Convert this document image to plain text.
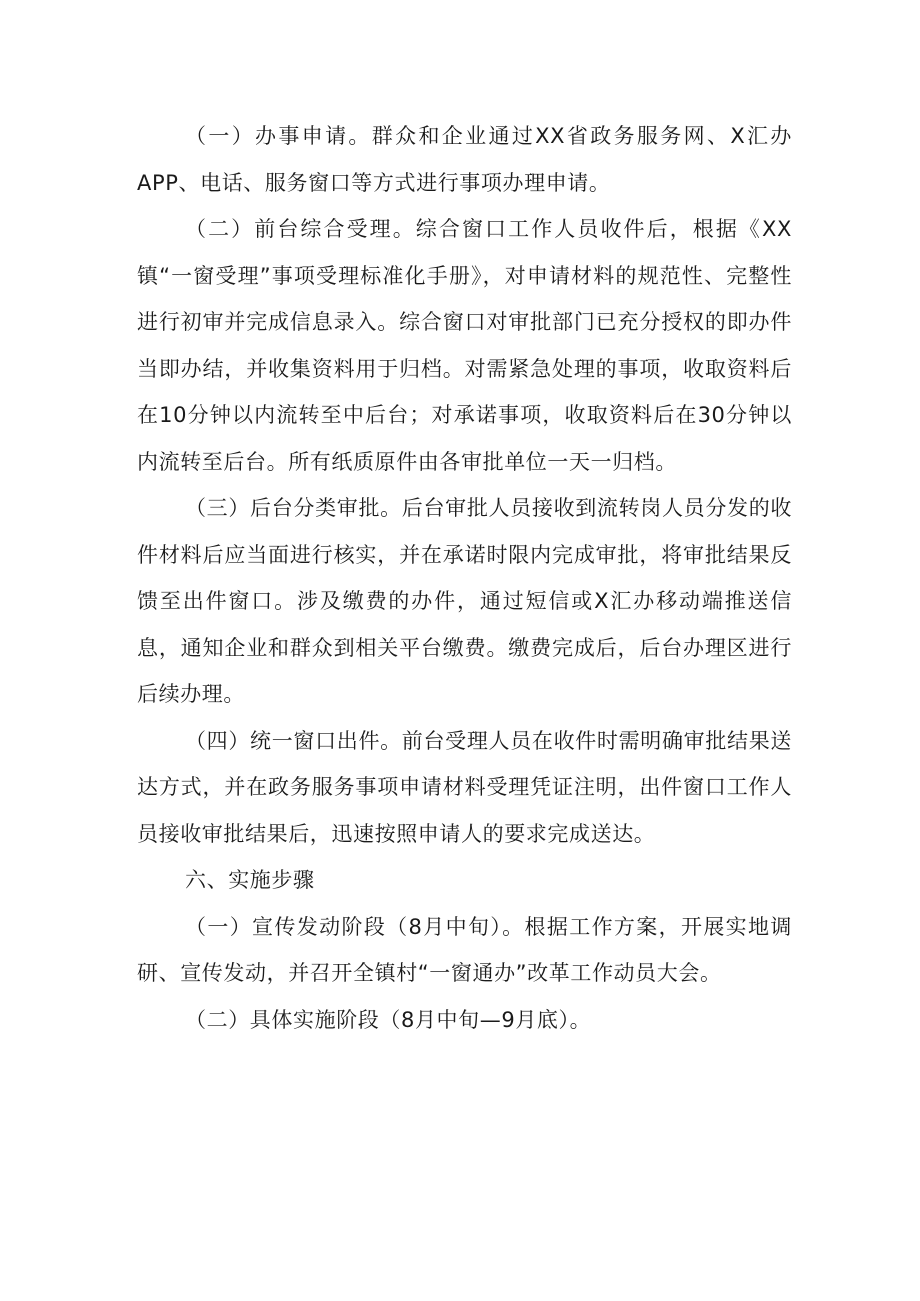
（一）办事申请。群众和企业通过XX省政务服务网、X汇办APP、电话、服务窗口等方式进行事项办理申请。

（二）前台综合受理。综合窗口工作人员收件后，根据《XX镇“一窗受理”事项受理标准化手册》，对申请材料的规范性、完整性进行初审并完成信息录入。综合窗口对审批部门已充分授权的即办件当即办结，并收集资料用于归档。对需紧急处理的事项，收取资料后在10分钟以内流转至中后台；对承诺事项，收取资料后在30分钟以内流转至后台。所有纸质原件由各审批单位一天一归档。

（三）后台分类审批。后台审批人员接收到流转岗人员分发的收件材料后应当面进行核实，并在承诺时限内完成审批，将审批结果反馈至出件窗口。涉及缴费的办件，通过短信或X汇办移动端推送信息，通知企业和群众到相关平台缴费。缴费完成后，后台办理区进行后续办理。

（四）统一窗口出件。前台受理人员在收件时需明确审批结果送达方式，并在政务服务事项申请材料受理凭证注明，出件窗口工作人员接收审批结果后，迅速按照申请人的要求完成送达。

六、实施步骤

（一）宣传发动阶段（8月中旬）。根据工作方案，开展实地调研、宣传发动，并召开全镇村“一窗通办”改革工作动员大会。

（二）具体实施阶段（8月中旬—9月底）。
